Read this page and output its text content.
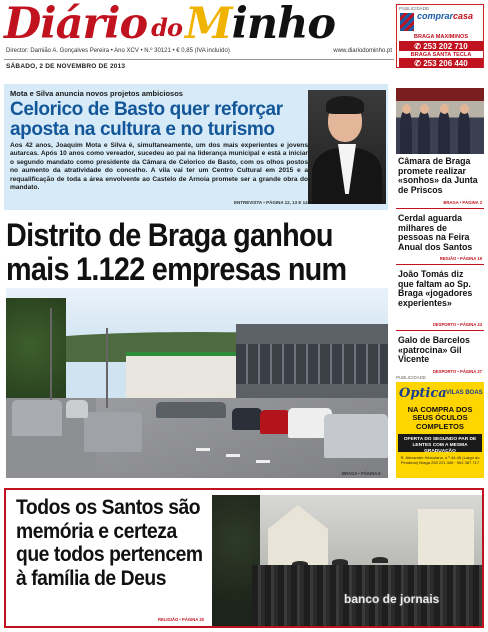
Diário do Minho
Director: Damião A. Gonçalves Pereira • Ano XCV • N.º 30121 • € 0,85 (IVA incluído)	www.diariodominho.pt
SÁBADO, 2 DE NOVEMBRO DE 2013
PUBLICIDADE
comprarcasa
BRAGA MAXIMINOS
✆ 253 202 710
BRAGA SANTA TECLA
✆ 253 206 440
Mota e Silva anuncia novos projetos ambiciosos
Celorico de Basto quer reforçar aposta na cultura e no turismo

Aos 42 anos, Joaquim Mota e Silva é, simultaneamente, um dos mais experientes e jovens autarcas. Após 10 anos como vereador, sucedeu ao pai na liderança municipal e está a iniciar o segundo mandato como presidente da Câmara de Celorico de Basto, com os olhos postos no aumento da atratividade do concelho. A vila vai ter um Centro Cultural em 2015 e a requalificação de toda a área envolvente ao Castelo de Arnoia promete ser a grande obra do mandato.

ENTREVISTA • PÁGINA 12, 13 E 14
Câmara de Braga promete realizar «sonhos» da Junta de Priscos
BRAGA • PÁGINA 3
Cerdal aguarda milhares de pessoas na Feira Anual dos Santos
REGIÃO • PÁGINA 19
João Tomás diz que faltam ao Sp. Braga «jogadores experientes»
DESPORTO • PÁGINA 24
Galo de Barcelos «patrocina» Gil Vicente
DESPORTO • PÁGINA 27
Distrito de Braga ganhou
mais 1.122 empresas num
BRAGA • PÁGINA 5
PUBLICIDADE
Optica VILAS BOAS
NA COMPRA DOS SEUS ÓCULOS COMPLETOS
OFERTA DO SEGUNDO PAR DE LENTES COM A MESMA GRADUAÇÃO
R. Alexandre Herculano, n.º 44-45 (Largo do Pendedo) Braga 253 221 406 · 961 387 717
Todos os Santos são memória e certeza que todos pertencem à família de Deus
RELIGIÃO • PÁGINA 20
banco de jornais
